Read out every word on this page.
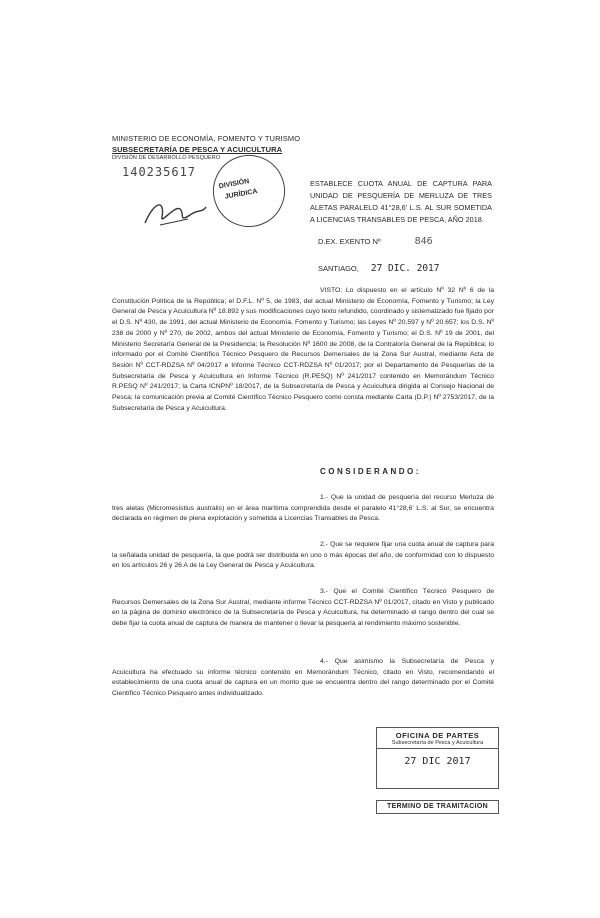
MINISTERIO DE ECONOMÍA, FOMENTO Y TURISMO
SUBSECRETARÍA DE PESCA Y ACUICULTURA
DIVISIÓN DE DESARROLLO PESQUERO
140235617
DIVISIÓN
JURÍDICA
ESTABLECE CUOTA ANUAL DE CAPTURA PARA UNIDAD DE PESQUERÍA DE MERLUZA DE TRES ALETAS PARALELO 41°28,6' L.S. AL SUR SOMETIDA A LICENCIAS TRANSABLES DE PESCA, AÑO 2018.
D.EX. EXENTO Nº	846
SANTIAGO, 27 DIC. 2017
VISTO: Lo dispuesto en el artículo Nº 32 Nº 6 de la Constitución Política de la República; el D.F.L. Nº 5, de 1983, del actual Ministerio de Economía, Fomento y Turismo; la Ley General de Pesca y Acuicultura Nº 18.892 y sus modificaciones cuyo texto refundido, coordinado y sistematizado fue fijado por el D.S. Nº 430, de 1991, del actual Ministerio de Economía, Fomento y Turismo; las Leyes Nº 20.597 y Nº 20.657; los D.S. Nº 238 de 2000 y Nº 270, de 2002, ambos del actual Ministerio de Economía, Fomento y Turismo; el D.S. Nº 19 de 2001, del Ministerio Secretaría General de la Presidencia; la Resolución Nº 1600 de 2008, de la Contraloría General de la República; lo informado por el Comité Científico Técnico Pesquero de Recursos Demersales de la Zona Sur Austral, mediante Acta de Sesión Nº CCT-RDZSA Nº 04/2017 e Informe Técnico CCT-RDZSA Nº 01/2017; por el Departamento de Pesquerías de la Subsecretaría de Pesca y Acuicultura en Informe Técnico (R.PESQ) Nº 241/2017 contenido en Memorándum Técnico R.PESQ Nº 241/2017; la Carta ICNPNº 18/2017, de la Subsecretaría de Pesca y Acuicultura dirigida al Consejo Nacional de Pesca; la comunicación previa al Comité Científico Técnico Pesquero como consta mediante Carta (D.P.) Nº 2753/2017, de la Subsecretaría de Pesca y Acuicultura.
CONSIDERANDO:
1.- Que la unidad de pesquería del recurso Merluza de tres aletas (Micromesistius australis) en el área marítima comprendida desde el paralelo 41°28,6' L.S. al Sur, se encuentra declarada en régimen de plena explotación y sometida a Licencias Transables de Pesca.
2.- Que se requiere fijar una cuota anual de captura para la señalada unidad de pesquería, la que podrá ser distribuida en uno o más épocas del año, de conformidad con lo dispuesto en los artículos 26 y 26 A de la Ley General de Pesca y Acuicultura.
3.- Que el Comité Científico Técnico Pesquero de Recursos Demersales de la Zona Sur Austral, mediante informe Técnico CCT-RDZSA Nº 01/2017, citado en Visto y publicado en la página de dominio electrónico de la Subsecretaría de Pesca y Acuicultura, ha determinado el rango dentro del cual se debe fijar la cuota anual de captura de manera de mantener o llevar la pesquería al rendimiento máximo sostenible.
4.- Que asimismo la Subsecretaría de Pesca y Acuicultura ha efectuado su informe técnico contenido en Memorándum Técnico, citado en Visto, recomendando el establecimiento de una cuota anual de captura en un monto que se encuentra dentro del rango determinado por el Comité Científico Técnico Pesquero antes individualizado.
OFICINA DE PARTES
Subsecretaría de Pesca y Acuicultura
27 DIC 2017
TERMINO DE TRAMITACION
